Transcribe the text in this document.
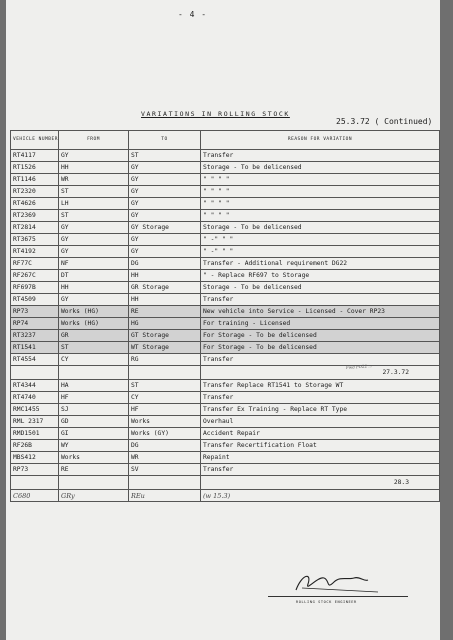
- 4 -
VARIATIONS IN ROLLING STOCK
25.3.72 ( Continued)
VEHICLE NUMBER	FROM	TO	REASON FOR VARIATION
RT4117	GY	ST	Transfer
RT1526	HH	GY	Storage - To be delicensed
RT1146	WR	GY	" " " "
RT2320	ST	GY	" " " "
RT4626	LH	GY	" " " "
RT2369	ST	GY	" " " "
RT2814	GY	GY Storage	Storage - To be delicensed
RT3675	GY	GY	" -" " "
RT4192	GY	GY	" -" " "
RF77C	NF	DG	Transfer - Additional requirement DG22
RF267C	DT	HH	" - Replace RF697 to Storage
RF697B	HH	GR Storage	Storage - To be delicensed
RT4509	GY	HH	Transfer
RP73	Works (HG)	RE	New vehicle into Service - Licensed - Cover RP23
RP74	Works (HG)	HG	For training - Licensed
RT3237	GR	GT Storage	For Storage - To be delicensed
RT1541	ST	WT Storage	For Storage - To be delicensed
RT4554	CY	RG	Transfer
			27.3.72
RT4344	HA	ST	Transfer Replace RT1541 to Storage WT
RT4740	HF	CY	Transfer
RMC1455	SJ	HF	Transfer Ex Training - Replace RT Type
RML 2317	GD	Works	Overhaul
RMD1501	GI	Works (GY)	Accident Repair
RF26B	WY	DG	Transfer Recertification Float
MBS412	Works	WR	Repaint
RP73	RE	SV	Transfer
			28.3
C680	GRy	REu	(w 15.3)
Fwd PD22 ...
ROLLING STOCK ENGINEER
